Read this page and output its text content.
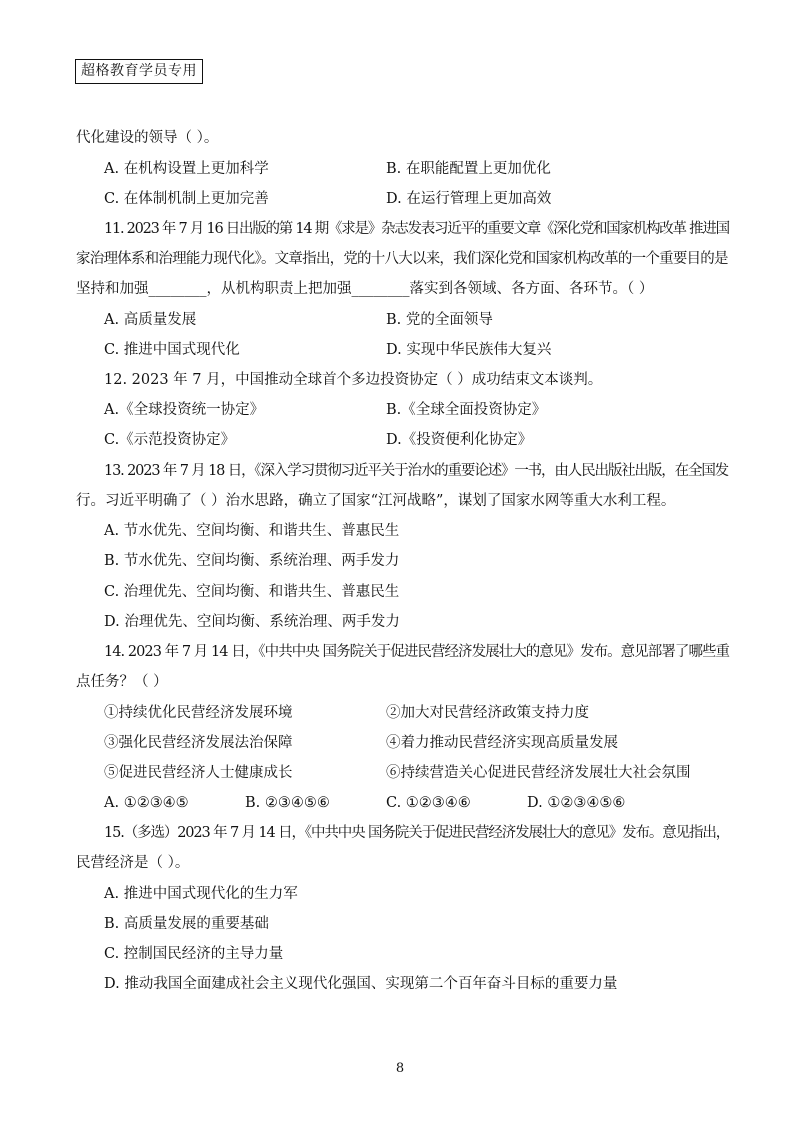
超格教育学员专用
代化建设的领导（ ）。
A. 在机构设置上更加科学	B. 在职能配置上更加优化
C. 在体制机制上更加完善	D. 在运行管理上更加高效
11. 2023 年 7 月 16 日出版的第 14 期《求是》杂志发表习近平的重要文章《深化党和国家机构改革 推进国
家治理体系和治理能力现代化》。文章指出，党的十八大以来，我们深化党和国家机构改革的一个重要目的是
坚持和加强________，从机构职责上把加强________落实到各领域、各方面、各环节。（ ）
A. 高质量发展	B. 党的全面领导
C. 推进中国式现代化	D. 实现中华民族伟大复兴
12. 2023 年 7 月，中国推动全球首个多边投资协定（ ）成功结束文本谈判。
A.《全球投资统一协定》	B.《全球全面投资协定》
C.《示范投资协定》	D.《投资便利化协定》
13. 2023 年 7 月 18 日，《深入学习贯彻习近平关于治水的重要论述》一书，由人民出版社出版，在全国发
行。习近平明确了（ ）治水思路，确立了国家“江河战略”，谋划了国家水网等重大水利工程。
A. 节水优先、空间均衡、和谐共生、普惠民生
B. 节水优先、空间均衡、系统治理、两手发力
C. 治理优先、空间均衡、和谐共生、普惠民生
D. 治理优先、空间均衡、系统治理、两手发力
14. 2023 年 7 月 14 日，《中共中央 国务院关于促进民营经济发展壮大的意见》发布。意见部署了哪些重
点任务？（ ）
①持续优化民营经济发展环境	②加大对民营经济政策支持力度
③强化民营经济发展法治保障	④着力推动民营经济实现高质量发展
⑤促进民营经济人士健康成长	⑥持续营造关心促进民营经济发展壮大社会氛围
A. ①②③④⑤	B. ②③④⑤⑥	C. ①②③④⑥	D. ①②③④⑤⑥
15.（多选）2023 年 7 月 14 日，《中共中央 国务院关于促进民营经济发展壮大的意见》发布。意见指出，
民营经济是（ ）。
A. 推进中国式现代化的生力军
B. 高质量发展的重要基础
C. 控制国民经济的主导力量
D. 推动我国全面建成社会主义现代化强国、实现第二个百年奋斗目标的重要力量
8
